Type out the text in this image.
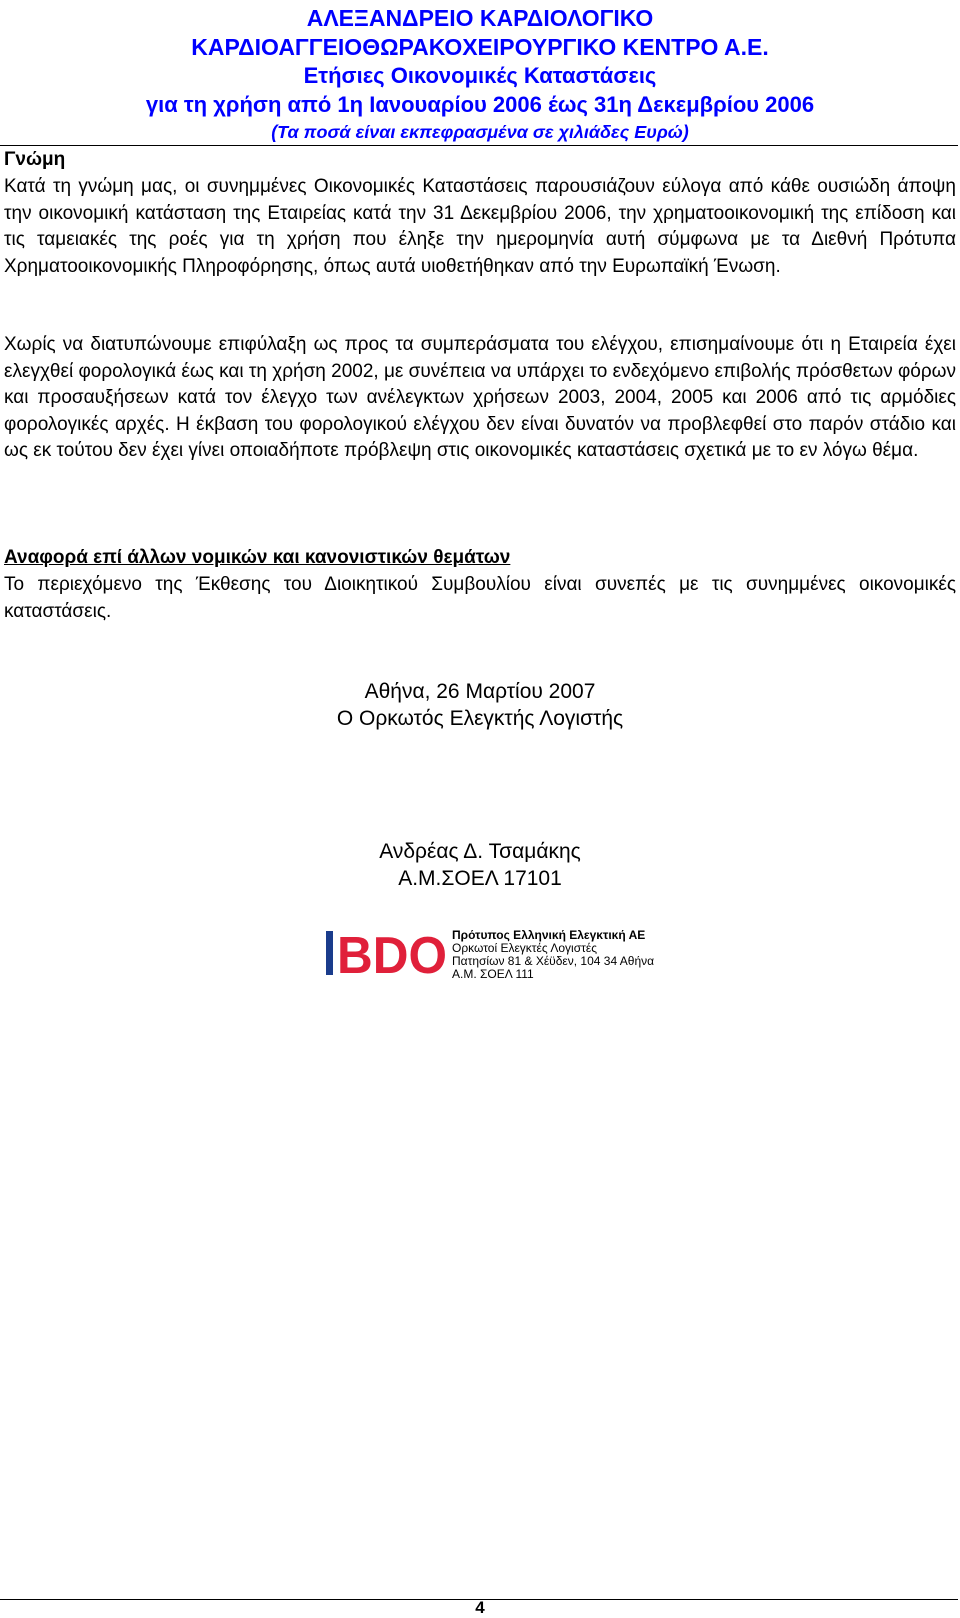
ΑΛΕΞΑΝΔΡΕΙΟ ΚΑΡΔΙΟΛΟΓΙΚΟ
ΚΑΡΔΙΟΑΓΓΕΙΟΘΩΡΑΚΟΧΕΙΡΟΥΡΓΙΚΟ ΚΕΝΤΡΟ Α.Ε.
Ετήσιες Οικονομικές Καταστάσεις
για τη χρήση από 1η Ιανουαρίου 2006 έως 31η Δεκεμβρίου 2006
(Τα ποσά είναι εκπεφρασμένα σε χιλιάδες Ευρώ)
Γνώμη
Κατά τη γνώμη μας, οι συνημμένες Οικονομικές Καταστάσεις παρουσιάζουν εύλογα από κάθε ουσιώδη άποψη την οικονομική κατάσταση της Εταιρείας κατά την 31 Δεκεμβρίου 2006, την χρηματοοικονομική της επίδοση και τις ταμειακές της ροές για τη χρήση που έληξε την ημερομηνία αυτή σύμφωνα με τα Διεθνή Πρότυπα Χρηματοοικονομικής Πληροφόρησης, όπως αυτά υιοθετήθηκαν από την Ευρωπαϊκή Ένωση.
Χωρίς να διατυπώνουμε επιφύλαξη ως προς τα συμπεράσματα του ελέγχου, επισημαίνουμε ότι η Εταιρεία έχει ελεγχθεί φορολογικά έως και τη χρήση 2002, με συνέπεια να υπάρχει το ενδεχόμενο επιβολής πρόσθετων φόρων και προσαυξήσεων κατά τον έλεγχο των ανέλεγκτων χρήσεων 2003, 2004, 2005 και 2006 από τις αρμόδιες φορολογικές αρχές. Η έκβαση του φορολογικού ελέγχου δεν είναι δυνατόν να προβλεφθεί στο παρόν στάδιο και ως εκ τούτου δεν έχει γίνει οποιαδήποτε πρόβλεψη στις οικονομικές καταστάσεις σχετικά με το εν λόγω θέμα.
Αναφορά επί άλλων νομικών και κανονιστικών θεμάτων
Το περιεχόμενο της Έκθεσης του Διοικητικού Συμβουλίου είναι συνεπές με τις συνημμένες οικονομικές καταστάσεις.
Αθήνα, 26 Μαρτίου 2007
Ο Ορκωτός Ελεγκτής Λογιστής
Ανδρέας Δ. Τσαμάκης
Α.Μ.ΣΟΕΛ 17101
BDO Πρότυπος Ελληνική Ελεγκτική ΑΕ
Ορκωτοί Ελεγκτές Λογιστές
Πατησίων 81 & Χέϋδεν, 104 34 Αθήνα
Α.Μ. ΣΟΕΛ 111
4
